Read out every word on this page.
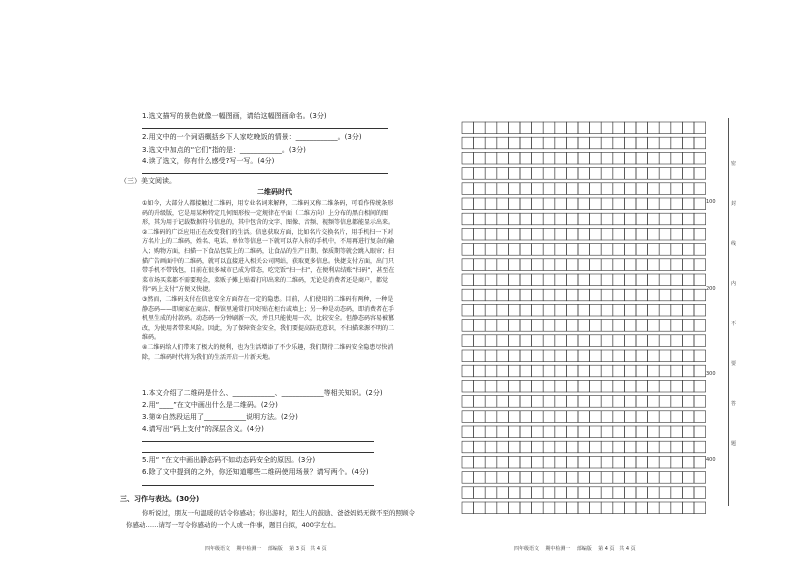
1.选文描写的景色就像一幅图画，请给这幅图画命名。(3分)
2.用文中的一个词语概括乡下人家吃晚饭的情景：____________。(3分)
3.选文中加点的“它们”指的是：____________。(3分)
4.读了选文，你有什么感受?写一写。(4分)
（三）美文阅读。
二维码时代

①如今，大部分人都接触过二维码，用专业名词来解释，二维码又称二维条码，可看作传统条形码的升级版，它是用某种特定几何图形按一定规律在平面（二维方向）上分布的黑白相间的图形，其为用于记载数据符号信息的，其中包含的文字、图像、音频、视频等信息都能显示出来。

②二维码的广泛应用正在改变我们的生活。信息获取方面，比如名片交换名片，用手机扫一下对方名片上的二维码，姓名、电话、单位等信息一下就可以存入你的手机中，不用再进行复杂的输入；购物方面，扫描一下食品包装上的二维码，让食品的生产日期、保质期等就会跳入眼帘；扫描广告画面中的二维码，就可以直接进入相关公司网站，获取更多信息。快捷支付方面，出门只带手机不带钱包，目前在很多城市已成为常态，吃完饭“扫一扫”，在便利店结账“扫码”，甚至在菜市场买菜都不需要现金，菜贩子摊上贴着打印出来的二维码，无论是消费者还是商户，都觉得“码上支付”方便又快捷。

③然而，二维码支付在信息安全方面存在一定的隐患。目前，人们使用的二维码有两种，一种是静态码——即商家在商店、餐馆里通常打印好贴在柜台或墙上；另一种是动态码，即消费者在手机里生成的付款码。动态码一分钟刷新一次，并且只能使用一次，比较安全。但静态码容易被篡改，为使用者带来风险。因此，为了保障资金安全，我们要提高防范意识，不扫描来源不明的二维码。

④二维码给人们带来了极大的便利，也为生活增添了不少乐趣，我们期待二维码安全隐患尽快消除，二维码时代将为我们的生活开启一片新天地。

1.本文介绍了二维码是什么、____________、____________等相关知识。(2分)
2.用“____”在文中画出什么是二维码。(2分)
3.第②自然段运用了____________说明方法。(2分)
4.请写出“码上支付”的深层含义。(4分)
5.用“ ”在文中画出静态码不如动态码安全的原因。(3分)
6.除了文中提到的之外，你还知道哪些二维码使用场景？请写两个。(4分)
三、习作与表达。(30分)
你听说过，朋友一句温暖的话令你感动；你出游时，陌生人的鼓励、爸爸妈妈无微不至的照顾令
你感动……请写一写令你感动的一个人或一件事，题目自拟，400字左右。
四年级语文 期中检测一 部编版 第 3 页 共 4 页
100
200
300
400
密
封
线
内
不
要
答
题
四年级语文 期中检测一 部编版 第 4 页 共 4 页
